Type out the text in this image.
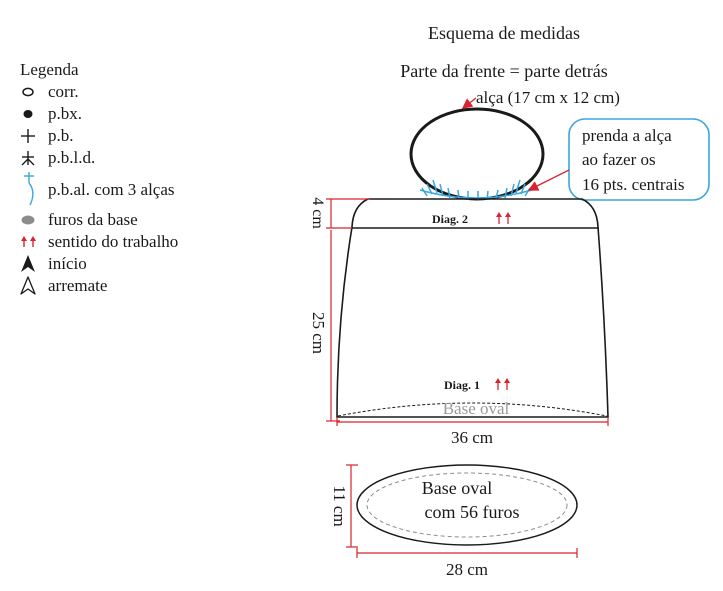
Legenda
corr.
p.bx.
p.b.
p.b.l.d.
p.b.al. com 3 alças
furos da base
sentido do trabalho
início
arremate
Esquema de medidas
Parte da frente = parte detrás
alça (17 cm x 12 cm)
prenda a alça
ao fazer os
16 pts. centrais
Diag. 2
Diag. 1
Base oval
4 cm
25 cm
36 cm
Base oval
com 56 furos
11 cm
28 cm
